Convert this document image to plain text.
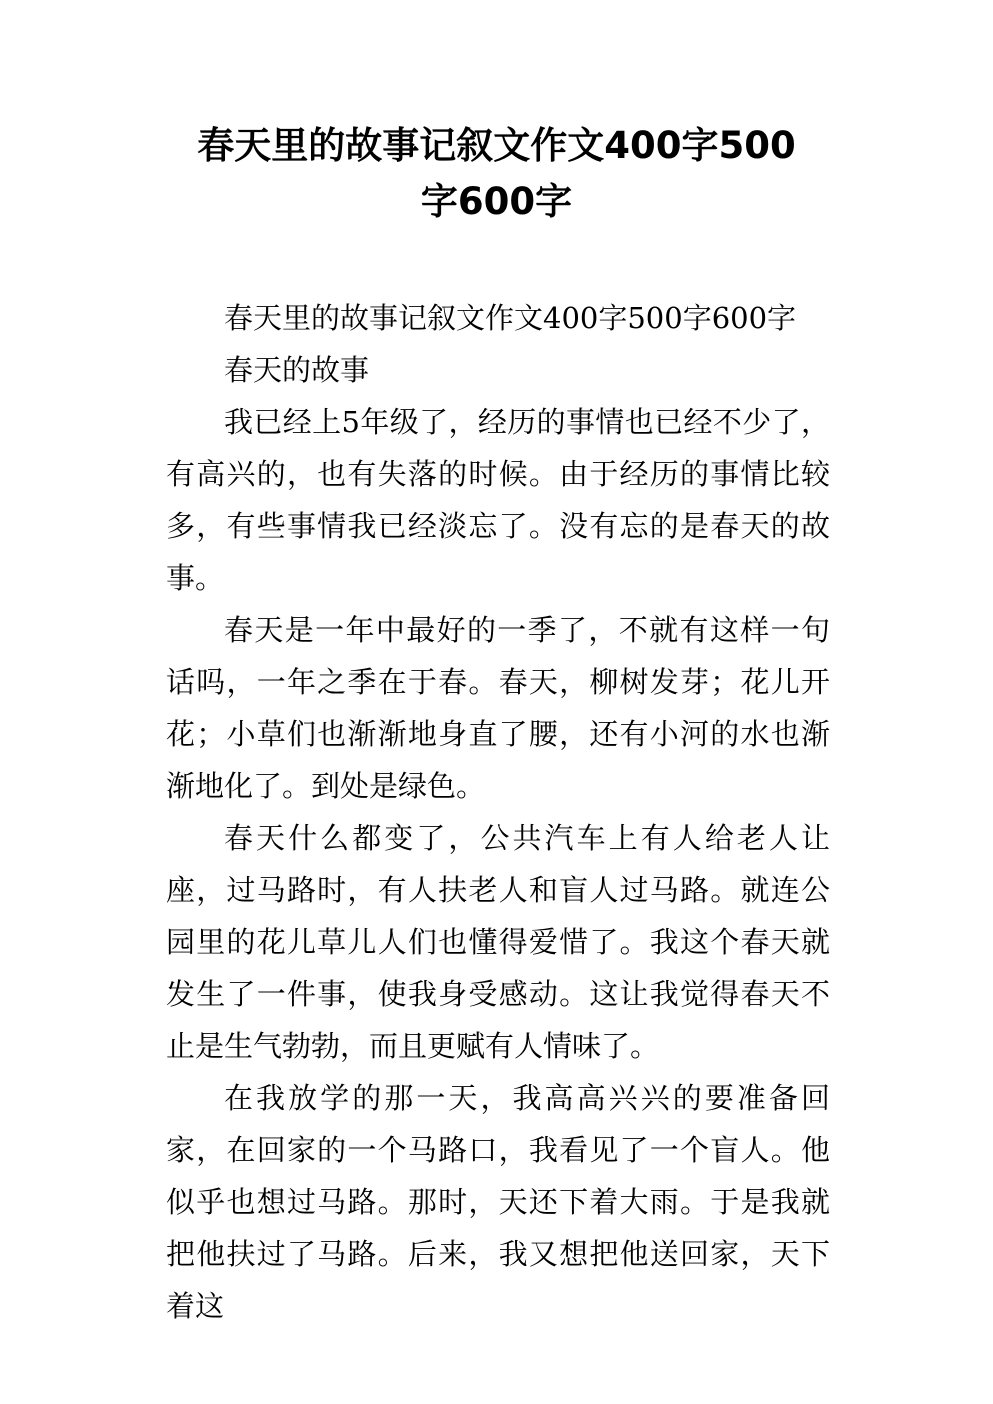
春天里的故事记叙文作文400字500
字600字

春天里的故事记叙文作文400字500字600字

春天的故事

我已经上5年级了，经历的事情也已经不少了，有高兴的，也有失落的时候。由于经历的事情比较多，有些事情我已经淡忘了。没有忘的是春天的故事。

春天是一年中最好的一季了，不就有这样一句话吗，一年之季在于春。春天，柳树发芽；花儿开花；小草们也渐渐地身直了腰，还有小河的水也渐渐地化了。到处是绿色。

春天什么都变了，公共汽车上有人给老人让座，过马路时，有人扶老人和盲人过马路。就连公园里的花儿草儿人们也懂得爱惜了。我这个春天就发生了一件事，使我身受感动。这让我觉得春天不止是生气勃勃，而且更赋有人情味了。

在我放学的那一天，我高高兴兴的要准备回家，在回家的一个马路口，我看见了一个盲人。他似乎也想过马路。那时，天还下着大雨。于是我就把他扶过了马路。后来，我又想把他送回家，天下着这
